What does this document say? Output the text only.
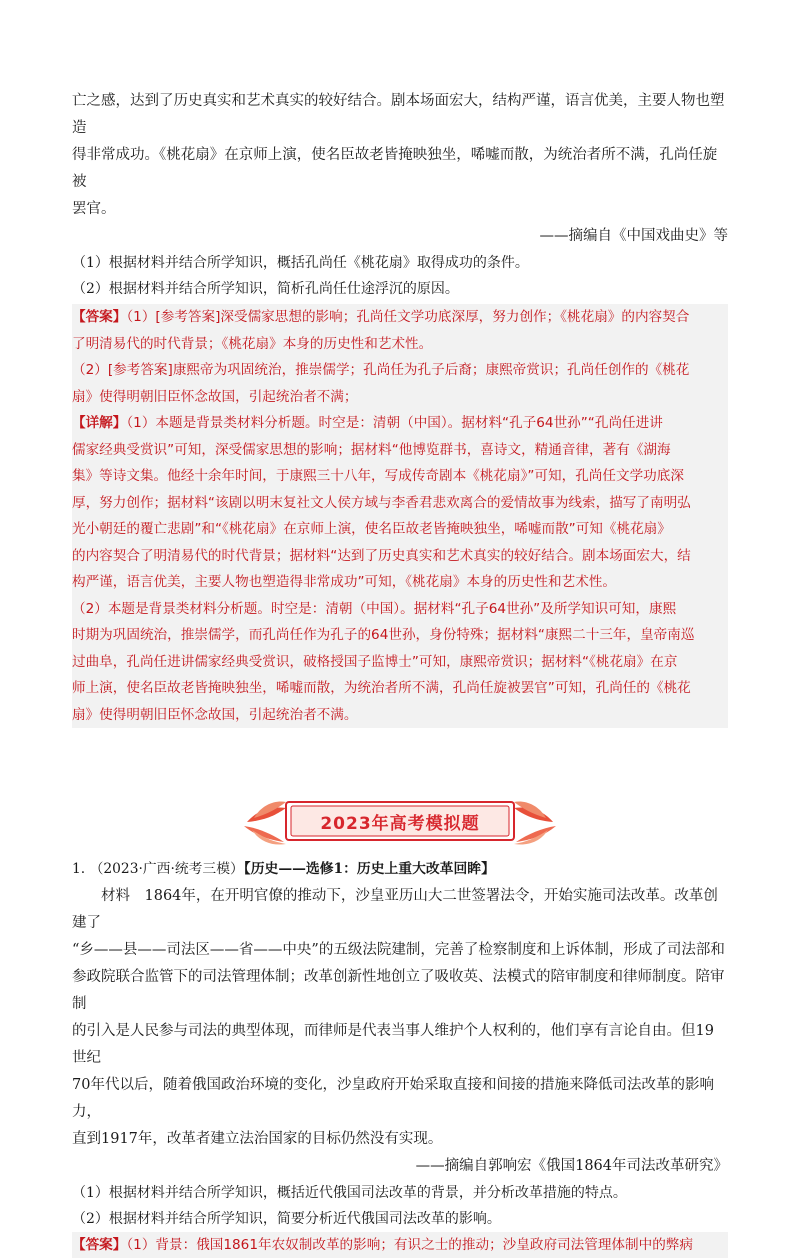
亡之感，达到了历史真实和艺术真实的较好结合。剧本场面宏大，结构严谨，语言优美，主要人物也塑造

得非常成功。《桃花扇》在京师上演，使名臣故老皆掩映独坐，唏嘘而散，为统治者所不满，孔尚任旋被

罢官。

——摘编自《中国戏曲史》等

（1）根据材料并结合所学知识，概括孔尚任《桃花扇》取得成功的条件。

（2）根据材料并结合所学知识，简析孔尚任仕途浮沉的原因。

【答案】（1）[参考答案]深受儒家思想的影响；孔尚任文学功底深厚，努力创作；《桃花扇》的内容契合

了明清易代的时代背景；《桃花扇》本身的历史性和艺术性。

（2）[参考答案]康熙帝为巩固统治，推崇儒学；孔尚任为孔子后裔；康熙帝赏识；孔尚任创作的《桃花

扇》使得明朝旧臣怀念故国，引起统治者不满；

【详解】（1）本题是背景类材料分析题。时空是：清朝（中国）。据材料“孔子64世孙”“孔尚任进讲

儒家经典受赏识”可知，深受儒家思想的影响；据材料“他博览群书，喜诗文，精通音律，著有《湖海

集》等诗文集。他经十余年时间，于康熙三十八年，写成传奇剧本《桃花扇》”可知，孔尚任文学功底深

厚，努力创作；据材料“该剧以明末复社文人侯方域与李香君悲欢离合的爱情故事为线索，描写了南明弘

光小朝廷的覆亡悲剧”和“《桃花扇》在京师上演，使名臣故老皆掩映独坐，唏嘘而散”可知《桃花扇》

的内容契合了明清易代的时代背景；据材料“达到了历史真实和艺术真实的较好结合。剧本场面宏大，结

构严谨，语言优美，主要人物也塑造得非常成功”可知，《桃花扇》本身的历史性和艺术性。

（2）本题是背景类材料分析题。时空是：清朝（中国）。据材料“孔子64世孙”及所学知识可知，康熙

时期为巩固统治，推崇儒学，而孔尚任作为孔子的64世孙，身份特殊；据材料“康熙二十三年，皇帝南巡

过曲阜，孔尚任进讲儒家经典受赏识，破格授国子监博士”可知，康熙帝赏识；据材料“《桃花扇》在京

师上演，使名臣故老皆掩映独坐，唏嘘而散，为统治者所不满，孔尚任旋被罢官”可知，孔尚任的《桃花

扇》使得明朝旧臣怀念故国，引起统治者不满。

2023年高考模拟题

1. （2023·广西·统考三模）【历史——选修1：历史上重大改革回眸】

材料　1864年，在开明官僚的推动下，沙皇亚历山大二世签署法令，开始实施司法改革。改革创建了

“乡——县——司法区——省——中央”的五级法院建制，完善了检察制度和上诉体制，形成了司法部和

参政院联合监管下的司法管理体制；改革创新性地创立了吸收英、法模式的陪审制度和律师制度。陪审制

的引入是人民参与司法的典型体现，而律师是代表当事人维护个人权利的，他们享有言论自由。但19世纪

70年代以后，随着俄国政治环境的变化，沙皇政府开始采取直接和间接的措施来降低司法改革的影响力，

直到1917年，改革者建立法治国家的目标仍然没有实现。

——摘编自郭响宏《俄国1864年司法改革研究》

（1）根据材料并结合所学知识，概括近代俄国司法改革的背景，并分析改革措施的特点。

（2）根据材料并结合所学知识，简要分析近代俄国司法改革的影响。

【答案】（1）背景：俄国1861年农奴制改革的影响；有识之士的推动；沙皇政府司法管理体制中的弊病
